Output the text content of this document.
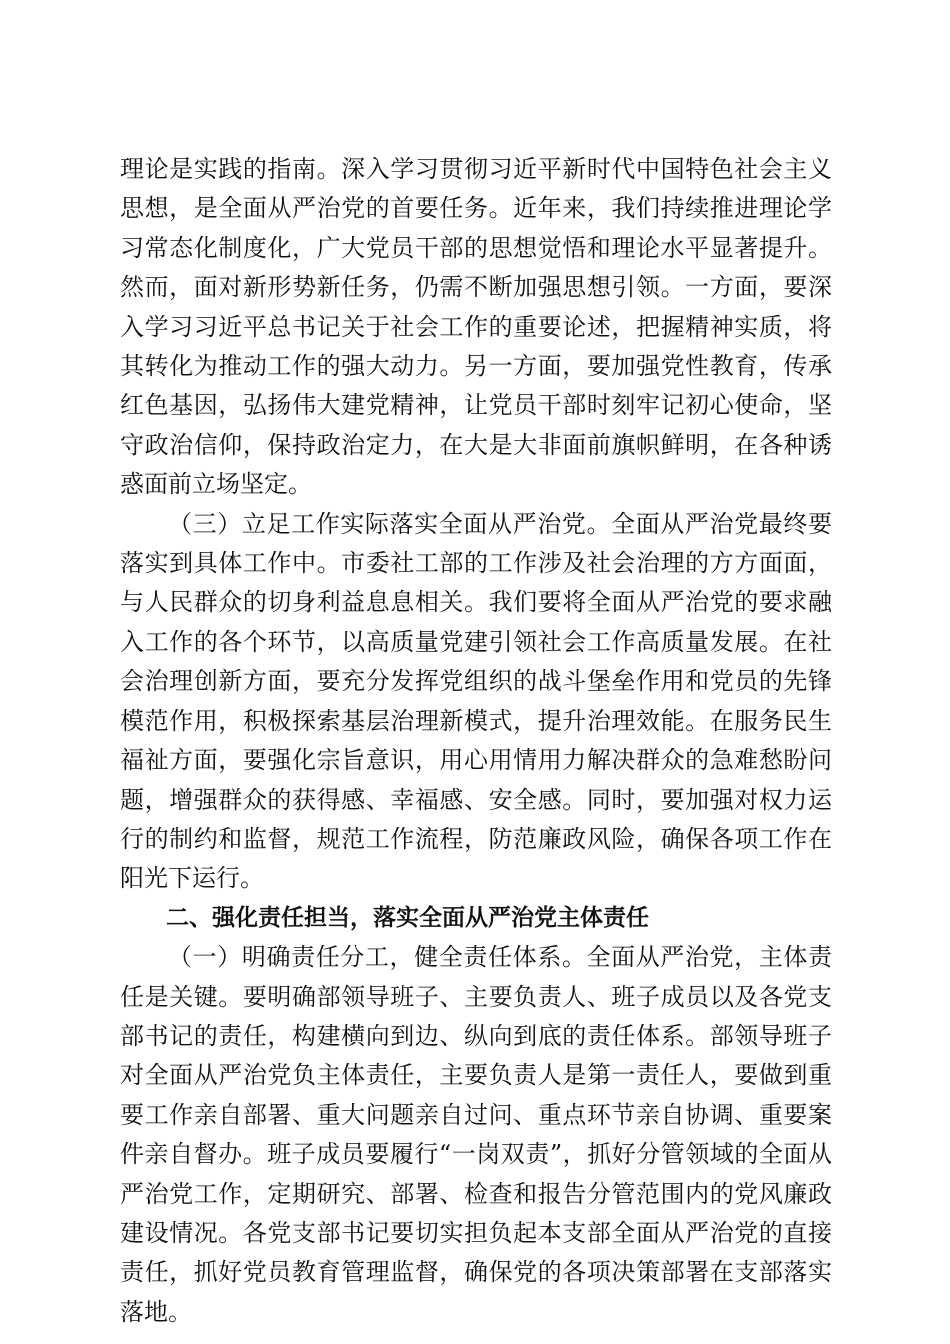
理论是实践的指南。深入学习贯彻习近平新时代中国特色社会主义思想，是全面从严治党的首要任务。近年来，我们持续推进理论学习常态化制度化，广大党员干部的思想觉悟和理论水平显著提升。然而，面对新形势新任务，仍需不断加强思想引领。一方面，要深入学习习近平总书记关于社会工作的重要论述，把握精神实质，将其转化为推动工作的强大动力。另一方面，要加强党性教育，传承红色基因，弘扬伟大建党精神，让党员干部时刻牢记初心使命，坚守政治信仰，保持政治定力，在大是大非面前旗帜鲜明，在各种诱惑面前立场坚定。

（三）立足工作实际落实全面从严治党。全面从严治党最终要落实到具体工作中。市委社工部的工作涉及社会治理的方方面面，与人民群众的切身利益息息相关。我们要将全面从严治党的要求融入工作的各个环节，以高质量党建引领社会工作高质量发展。在社会治理创新方面，要充分发挥党组织的战斗堡垒作用和党员的先锋模范作用，积极探索基层治理新模式，提升治理效能。在服务民生福祉方面，要强化宗旨意识，用心用情用力解决群众的急难愁盼问题，增强群众的获得感、幸福感、安全感。同时，要加强对权力运行的制约和监督，规范工作流程，防范廉政风险，确保各项工作在阳光下运行。

二、强化责任担当，落实全面从严治党主体责任

（一）明确责任分工，健全责任体系。全面从严治党，主体责任是关键。要明确部领导班子、主要负责人、班子成员以及各党支部书记的责任，构建横向到边、纵向到底的责任体系。部领导班子对全面从严治党负主体责任，主要负责人是第一责任人，要做到重要工作亲自部署、重大问题亲自过问、重点环节亲自协调、重要案件亲自督办。班子成员要履行“一岗双责”，抓好分管领域的全面从严治党工作，定期研究、部署、检查和报告分管范围内的党风廉政建设情况。各党支部书记要切实担负起本支部全面从严治党的直接责任，抓好党员教育管理监督，确保党的各项决策部署在支部落实落地。
